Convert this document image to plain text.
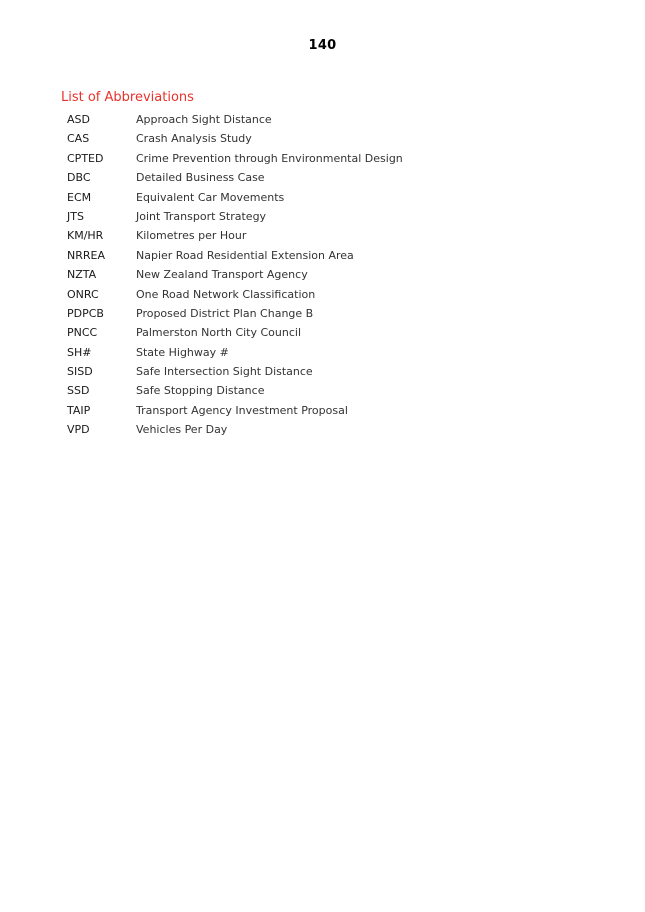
140
List of Abbreviations
ASD	Approach Sight Distance
CAS	Crash Analysis Study
CPTED	Crime Prevention through Environmental Design
DBC	Detailed Business Case
ECM	Equivalent Car Movements
JTS	Joint Transport Strategy
KM/HR	Kilometres per Hour
NRREA	Napier Road Residential Extension Area
NZTA	New Zealand Transport Agency
ONRC	One Road Network Classification
PDPCB	Proposed District Plan Change B
PNCC	Palmerston North City Council
SH#	State Highway #
SISD	Safe Intersection Sight Distance
SSD	Safe Stopping Distance
TAIP	Transport Agency Investment Proposal
VPD	Vehicles Per Day
